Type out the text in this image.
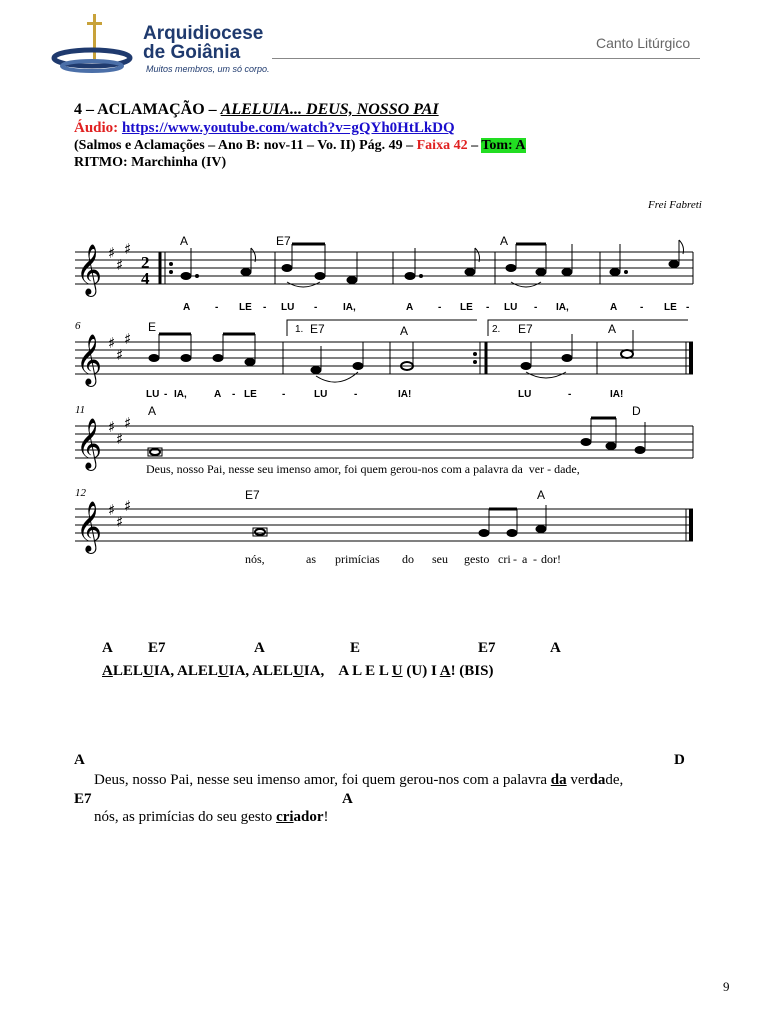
Arquidiocese
de Goiânia
Muitos membros, um só corpo.
Canto Litúrgico
4 – ACLAMAÇÃO – ALELUIA... DEUS, NOSSO PAI
Áudio: https://www.youtube.com/watch?v=gQYh0HtLkDQ
(Salmos e Aclamações – Ano B: nov-11 – Vo. II) Pág. 49 – Faixa 42 – Tom: A
RITMO: Marchinha (IV)
Frei Fabreti
𝄞
𝄞
𝄞
𝄞
♯
♯
♯
♯
♯
♯
♯
♯
♯
♯
♯
♯
2
4
A	E7	A
A - LE - LU -	IA,	A - LE - LU - IA,	A - LE -
6	E	1. E7	A	2. E7	A
LU - IA,	A - LE	-	LU	-	IA!	LU	-	IA!
11	A	D
Deus, nosso Pai, nesse seu imenso amor, foi quem gerou-nos com a palavra da  ver - dade,
12	E7	A
nós,	as primícias do seu gesto cri - a - dor!
A E7	A	E	E7	A
ALELUIA, ALELUIA, ALELUIA,    A L E L U (U) I A! (BIS)
A	D
Deus, nosso Pai, nesse seu imenso amor, foi quem gerou-nos com a palavra da verdade,
E7	A
nós, as primícias do seu gesto criador!
9
